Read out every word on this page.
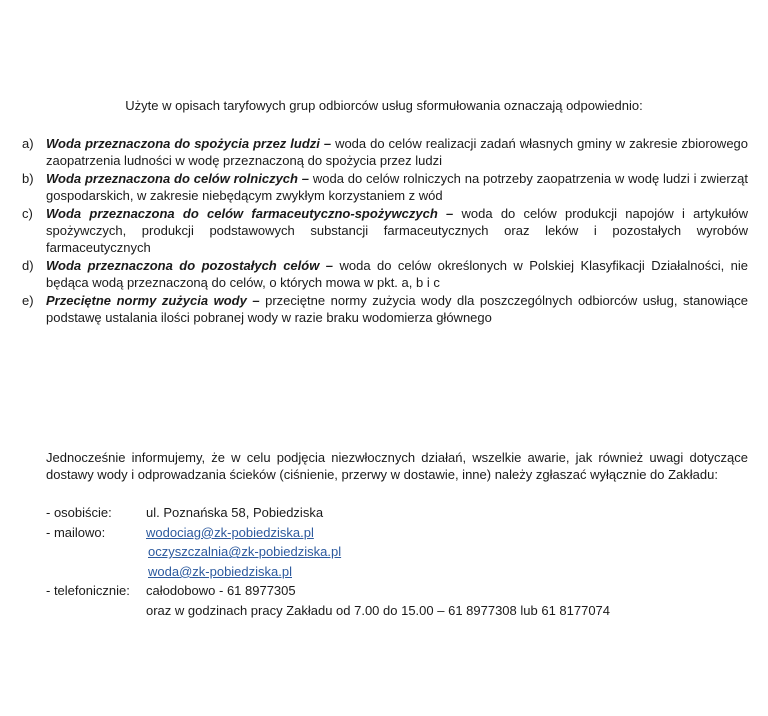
Użyte w opisach taryfowych grup odbiorców usług sformułowania oznaczają odpowiednio:
a) Woda przeznaczona do spożycia przez ludzi – woda do celów realizacji zadań własnych gminy w zakresie zbiorowego zaopatrzenia ludności w wodę przeznaczoną do spożycia przez ludzi
b) Woda przeznaczona do celów rolniczych – woda do celów rolniczych na potrzeby zaopatrzenia w wodę ludzi i zwierząt gospodarskich, w zakresie niebędącym zwykłym korzystaniem z wód
c) Woda przeznaczona do celów farmaceutyczno-spożywczych – woda do celów produkcji napojów i artykułów spożywczych, produkcji podstawowych substancji farmaceutycznych oraz leków i pozostałych wyrobów farmaceutycznych
d) Woda przeznaczona do pozostałych celów – woda do celów określonych w Polskiej Klasyfikacji Działalności, nie będąca wodą przeznaczoną do celów, o których mowa w pkt. a, b i c
e) Przeciętne normy zużycia wody – przeciętne normy zużycia wody dla poszczególnych odbiorców usług, stanowiące podstawę ustalania ilości pobranej wody w razie braku wodomierza głównego
Jednocześnie informujemy, że w celu podjęcia niezwłocznych działań, wszelkie awarie, jak również uwagi dotyczące dostawy wody i odprowadzania ścieków (ciśnienie, przerwy w dostawie, inne) należy zgłaszać wyłącznie do Zakładu:
- osobiście:	ul. Poznańska 58, Pobiedziska
- mailowo:	wodociag@zk-pobiedziska.pl
oczyszczalnia@zk-pobiedziska.pl
woda@zk-pobiedziska.pl
- telefonicznie: całodobowo - 61 8977305
oraz w godzinach pracy Zakładu od 7.00 do 15.00 – 61 8977308 lub 61 8177074
